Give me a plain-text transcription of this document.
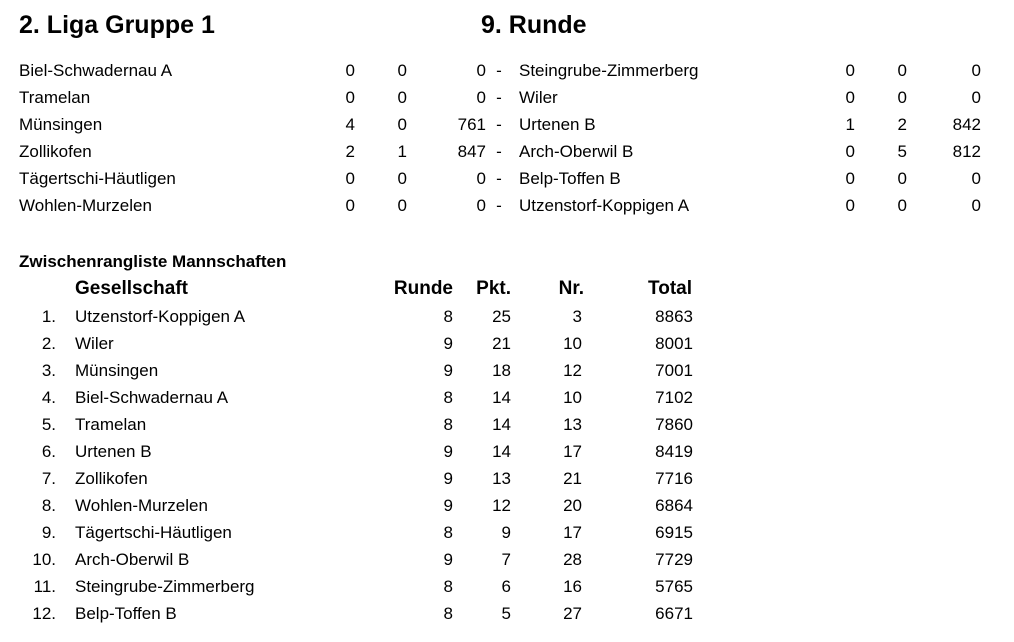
2. Liga Gruppe 1	9. Runde
Biel-Schwadernau A	0	0	0 -	Steingrube-Zimmerberg	0	0	0
Tramelan	0	0	0 -	Wiler	0	0	0
Münsingen	4	0	761 -	Urtenen B	1	2	842
Zollikofen	2	1	847 -	Arch-Oberwil B	0	5	812
Tägertschi-Häutligen	0	0	0 -	Belp-Toffen B	0	0	0
Wohlen-Murzelen	0	0	0 -	Utzenstorf-Koppigen A	0	0	0
Zwischenrangliste Mannschaften
Gesellschaft	Runde	Pkt.	Nr.	Total
1. Utzenstorf-Koppigen A	8	25	3	8863
2. Wiler	9	21	10	8001
3. Münsingen	9	18	12	7001
4. Biel-Schwadernau A	8	14	10	7102
5. Tramelan	8	14	13	7860
6. Urtenen B	9	14	17	8419
7. Zollikofen	9	13	21	7716
8. Wohlen-Murzelen	9	12	20	6864
9. Tägertschi-Häutligen	8	9	17	6915
10. Arch-Oberwil B	9	7	28	7729
11. Steingrube-Zimmerberg	8	6	16	5765
12. Belp-Toffen B	8	5	27	6671
